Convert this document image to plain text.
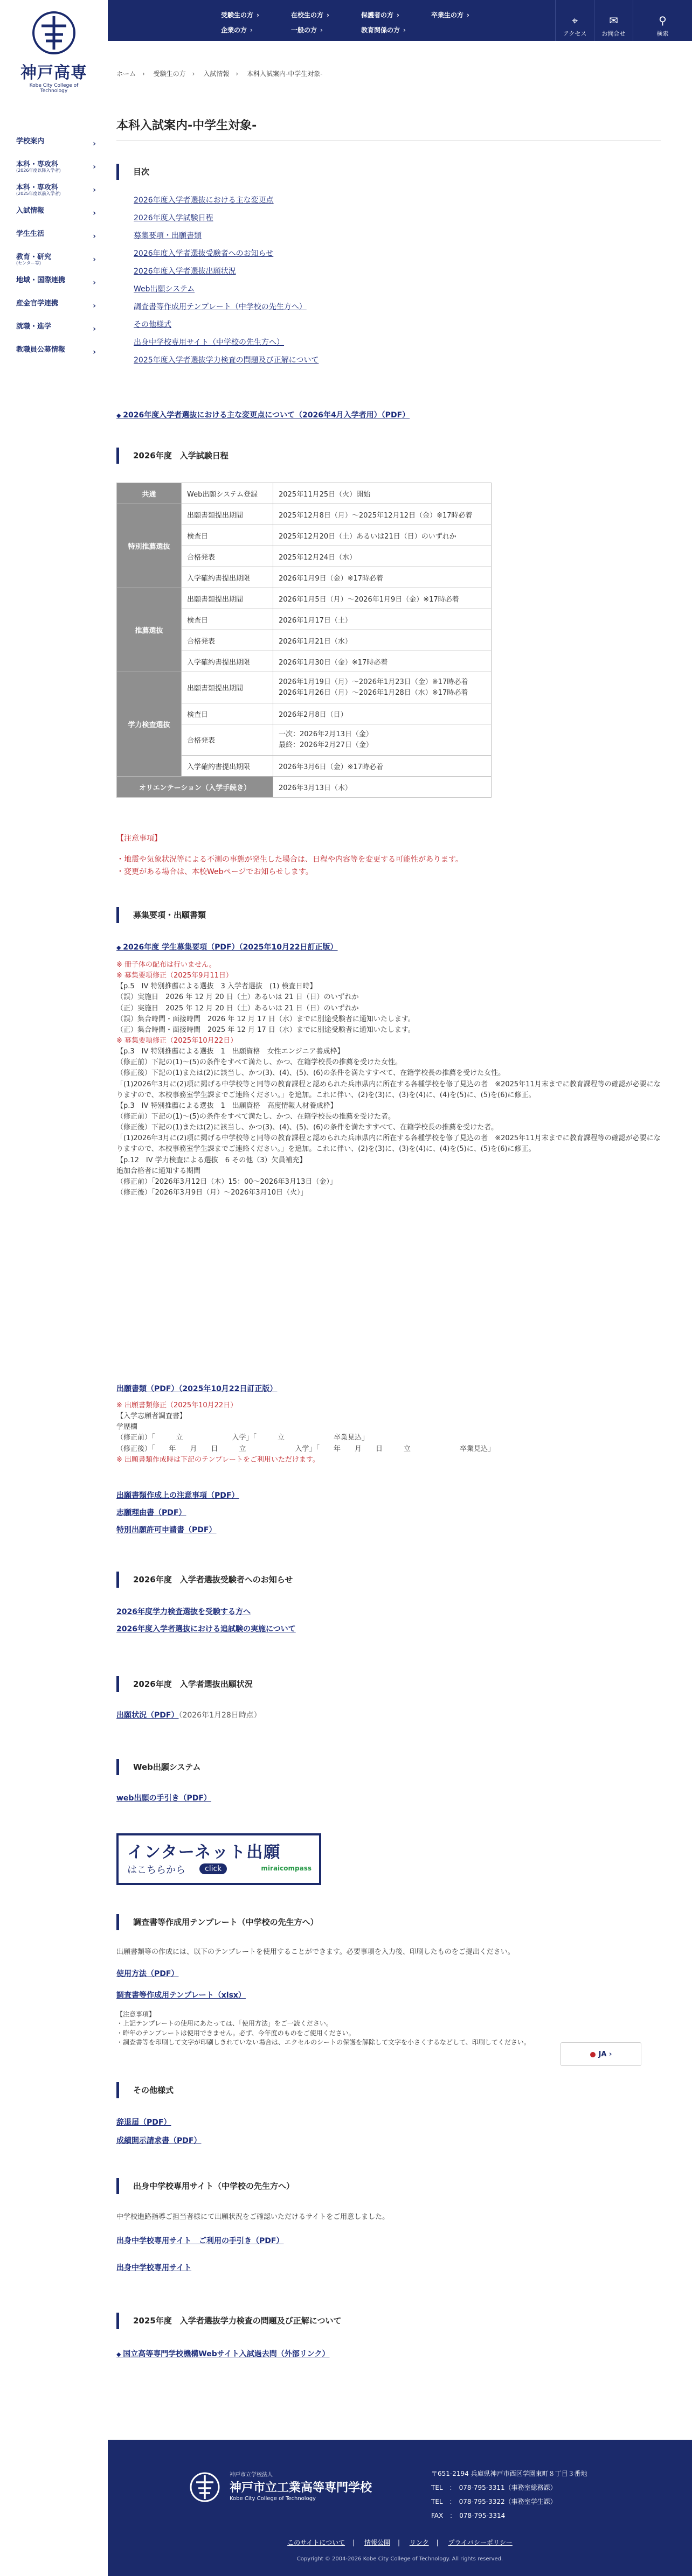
神戸高専
Kobe City College of Technology
学校案内	›
本科・専攻科
(2026年度以降入学者)	›
本科・専攻科
(2025年度以前入学者)	›
入試情報	›
学生生活	›
教育・研究
(センター等)	›
地域・国際連携	›
産金官学連携	›
就職・進学	›
教職員公募情報	›
受験生の方 ›
企業の方 ›
在校生の方 ›
一般の方 ›
保護者の方 ›
教育関係の方 ›
卒業生の方 ›	⌖
アクセス
✉
お問合せ
⚲
検索
ホーム › 受験生の方 › 入試情報 › 本科入試案内-中学生対象-
本科入試案内-中学生対象-
目次
2026年度入学者選抜における主な変更点
2026年度入学試験日程
募集要項・出願書類
2026年度入学者選抜受験者へのお知らせ
2026年度入学者選抜出願状況
Web出願システム
調査書等作成用テンプレート（中学校の先生方へ）
その他様式
出身中学校専用サイト（中学校の先生方へ）
2025年度入学者選抜学力検査の問題及び正解について
◆ 2026年度入学者選抜における主な変更点について（2026年4月入学者用）（PDF）
2026年度　入学試験日程
共通	Web出願システム登録	2025年11月25日（火）開始
特別推薦選抜	出願書類提出期間	2025年12月8日（月）～2025年12月12日（金）※17時必着
	検査日	2025年12月20日（土）あるいは21日（日）のいずれか
	合格発表	2025年12月24日（水）
	入学確約書提出期限	2026年1月9日（金）※17時必着
推薦選抜	出願書類提出期間	2026年1月5日（月）～2026年1月9日（金）※17時必着
	検査日	2026年1月17日（土）
	合格発表	2026年1月21日（水）
	入学確約書提出期限	2026年1月30日（金）※17時必着
学力検査選抜	出願書類提出期間	2026年1月19日（月）～2026年1月23日（金）※17時必着
2026年1月26日（月）～2026年1月28日（水）※17時必着
	検査日	2026年2月8日（日）
	合格発表	一次：2026年2月13日（金）
最終：2026年2月27日（金）
	入学確約書提出期限	2026年3月6日（金）※17時必着
オリエンテーション（入学手続き）		2026年3月13日（木）
【注意事項】
・地震や気象状況等による不測の事態が発生した場合は、日程や内容等を変更する可能性があります。
・変更がある場合は、本校Webページでお知らせします。
募集要項・出願書類
◆ 2026年度 学生募集要項（PDF）（2025年10月22日訂正版）
※ 冊子体の配布は行いません。
※ 募集要項修正（2025年9月11日）
【p.5　IV 特別推薦による選抜　3 入学者選抜　(1) 検査日時】
（誤）実施日　2026 年 12 月 20 日（土）あるいは 21 日（日）のいずれか
（正）実施日　2025 年 12 月 20 日（土）あるいは 21 日（日）のいずれか
（誤）集合時間・面接時間　2026 年 12 月 17 日（水）までに別途受験者に通知いたします。
（正）集合時間・面接時間　2025 年 12 月 17 日（水）までに別途受験者に通知いたします。
※ 募集要項修正（2025年10月22日）
【p.3　IV 特別推薦による選抜　1　出願資格　女性エンジニア養成枠】
（修正前）下記の(1)～(5)の条件をすべて満たし、かつ、在籍学校長の推薦を受けた女性。
（修正後）下記の(1)または(2)に該当し、かつ(3)、(4)、(5)、(6)の条件を満たすすべて、在籍学校長の推薦を受けた女性。
「(1)2026年3月に(2)項に掲げる中学校等と同等の教育課程と認められた兵庫県内に所在する各種学校を修了見込の者　※2025年11月末までに教育課程等の確認が必要になりますので、本校事務室学生課までご連絡ください。」を追加。これに伴い、(2)を(3)に、(3)を(4)に、(4)を(5)に、(5)を(6)に修正。
【p.3　IV 特別推薦による選抜　1　出願資格　高度情報人材養成枠】
（修正前）下記の(1)～(5)の条件をすべて満たし、かつ、在籍学校長の推薦を受けた者。
（修正後）下記の(1)または(2)に該当し、かつ(3)、(4)、(5)、(6)の条件を満たすすべて、在籍学校長の推薦を受けた者。
「(1)2026年3月に(2)項に掲げる中学校等と同等の教育課程と認められた兵庫県内に所在する各種学校を修了見込の者　※2025年11月末までに教育課程等の確認が必要になりますので、本校事務室学生課までご連絡ください。」を追加。これに伴い、(2)を(3)に、(3)を(4)に、(4)を(5)に、(5)を(6)に修正。
【p.12　IV 学力検査による選抜　6 その他（3）欠員補充】
追加合格者に通知する期間
（修正前）「2026年3月12日（木）15：00～2026年3月13日（金）」
（修正後）「2026年3月9日（月）～2026年3月10日（火）」
出願書類（PDF）（2025年10月22日訂正版）
※ 出願書類修正（2025年10月22日）
【入学志願者調査書】
学歴欄
（修正前）「　　　立　　　　　　　入学」「　　　立　　　　　　　卒業見込」
（修正後）「　　年　　月　　日　　　立　　　　　　　入学」「　　年　　月　　日　　　立　　　　　　　卒業見込」
※ 出願書類作成時は下記のテンプレートをご利用いただけます。
出願書類作成上の注意事項（PDF）
志願理由書（PDF）
特別出願許可申請書（PDF）
2026年度　入学者選抜受験者へのお知らせ
2026年度学力検査選抜を受験する方へ
2026年度入学者選抜における追試験の実施について
2026年度　入学者選抜出願状況
出願状況（PDF）（2026年1月28日時点）
Web出願システム
web出願の手引き（PDF）
インターネット出願
はこちらから	click	miraicompass
調査書等作成用テンプレート（中学校の先生方へ）
出願書類等の作成には、以下のテンプレートを使用することができます。必要事項を入力後、印刷したものをご提出ください。
使用方法（PDF）
調査書等作成用テンプレート（xlsx）
【注意事項】
・上記テンプレートの使用にあたっては、「使用方法」をご一読ください。
・昨年のテンプレートは使用できません。必ず、今年度のものをご使用ください。
・調査書等を印刷して文字が印刷しきれていない場合は、エクセルのシートの保護を解除して文字を小さくするなどして、印刷してください。
その他様式
辞退届（PDF）
成績開示請求書（PDF）
出身中学校専用サイト（中学校の先生方へ）
中学校進路指導ご担当者様にて出願状況をご確認いただけるサイトをご用意しました。
出身中学校専用サイト　ご利用の手引き（PDF）
出身中学校専用サイト
2025年度　入学者選抜学力検査の問題及び正解について
◆ 国立高等専門学校機構Webサイト入試過去問（外部リンク）
JA ›
神戸市立学校法人
神戸市立工業高等専門学校
Kobe City College of Technology
〒651-2194 兵庫県神戸市西区学園東町８丁目３番地
TEL　：　078-795-3311（事務室総務課）
TEL　：　078-795-3322（事務室学生課）
FAX　：　078-795-3314
このサイトについて | 情報公開 | リンク | プライバシーポリシー
Copyright © 2004-2026 Kobe City College of Technology. All rights reserved.
